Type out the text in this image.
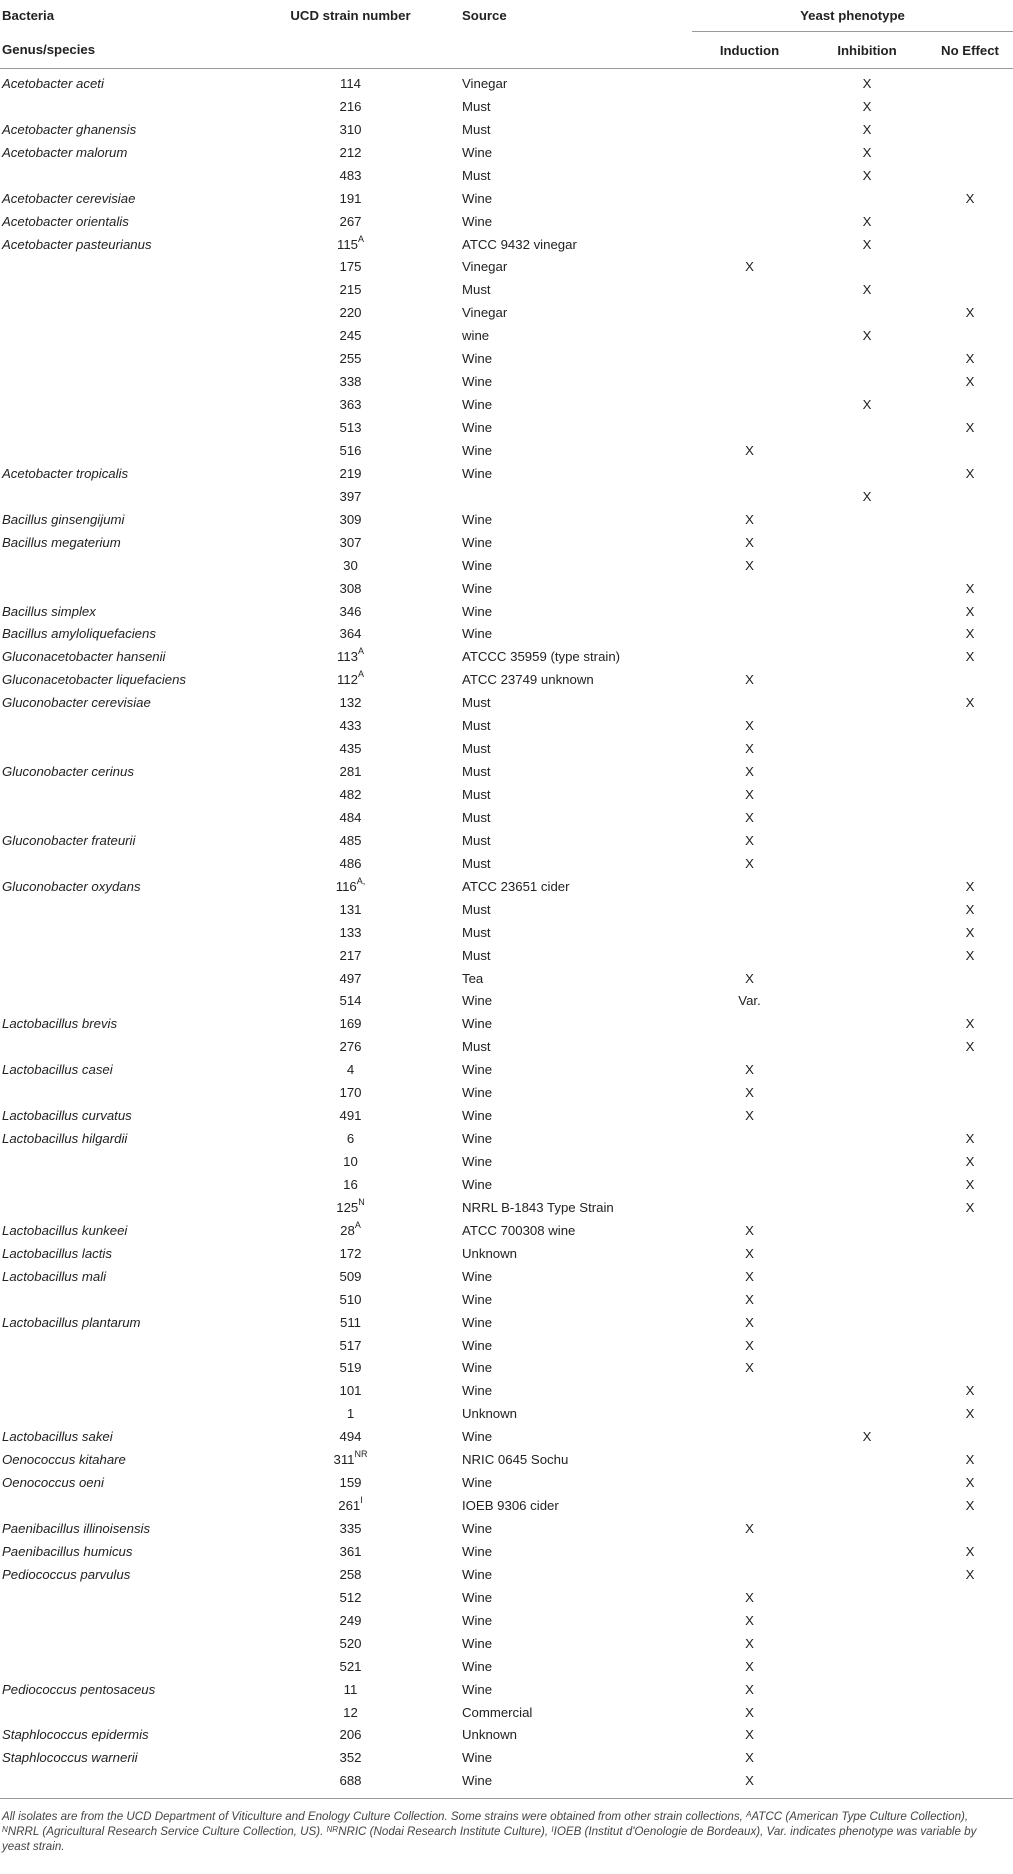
Bacteria	UCD strain number	Source	Yeast phenotype		
Genus/species			Induction	Inhibition	No Effect
Acetobacter aceti	114	Vinegar		X	
	216	Must		X	
Acetobacter ghanensis	310	Must		X	
Acetobacter malorum	212	Wine		X	
	483	Must		X	
Acetobacter cerevisiae	191	Wine			X
Acetobacter orientalis	267	Wine		X	
Acetobacter pasteurianus	$115^A$	ATCC 9432 vinegar		X	
	175	Vinegar	X		
	215	Must		X	
	220	Vinegar			X
	245	wine		X	
	255	Wine			X
	338	Wine			X
	363	Wine		X	
	513	Wine			X
	516	Wine	X		
Acetobacter tropicalis	219	Wine			X
	397			X	
Bacillus ginsengijumi	309	Wine	X		
Bacillus megaterium	307	Wine	X		
	30	Wine	X		
	308	Wine			X
Bacillus simplex	346	Wine			X
Bacillus amyloliquefaciens	364	Wine			X
Gluconacetobacter hansenii	$113^A$	ATCCC 35959 (type strain)			X
Gluconacetobacter liquefaciens	$112^A$	ATCC 23749 unknown	X		
Gluconobacter cerevisiae	132	Must			X
	433	Must	X		
	435	Must	X		
Gluconobacter cerinus	281	Must	X		
	482	Must	X		
	484	Must	X		
Gluconobacter frateurii	485	Must	X		
	486	Must	X		
Gluconobacter oxydans	$116^{A,}$	ATCC 23651 cider			X
	131	Must			X
	133	Must			X
	217	Must			X
	497	Tea	X		
	514	Wine	Var.		
Lactobacillus brevis	169	Wine			X
	276	Must			X
Lactobacillus casei	4	Wine	X		
	170	Wine	X		
Lactobacillus curvatus	491	Wine	X		
Lactobacillus hilgardii	6	Wine			X
	10	Wine			X
	16	Wine			X
	$125^N$	NRRL B-1843 Type Strain			X
Lactobacillus kunkeei	$28^A$	ATCC 700308 wine	X		
Lactobacillus lactis	172	Unknown	X		
Lactobacillus mali	509	Wine	X		
	510	Wine	X		
Lactobacillus plantarum	511	Wine	X		
	517	Wine	X		
	519	Wine	X		
	101	Wine			X
	1	Unknown			X
Lactobacillus sakei	494	Wine		X	
Oenococcus kitahare	$311^{NR}$	NRIC 0645 Sochu			X
Oenococcus oeni	159	Wine			X
	$261^I$	IOEB 9306 cider			X
Paenibacillus illinoisensis	335	Wine	X		
Paenibacillus humicus	361	Wine			X
Pediococcus parvulus	258	Wine			X
	512	Wine	X		
	249	Wine	X		
	520	Wine	X		
	521	Wine	X		
Pediococcus pentosaceus	11	Wine	X		
	12	Commercial	X		
Staphlococcus epidermis	206	Unknown	X		
Staphlococcus warnerii	352	Wine	X		
	688	Wine	X		
All isolates are from the UCD Department of Viticulture and Enology Culture Collection. Some strains were obtained from other strain collections, $^A$ATCC (American Type Culture Collection), $^N$NRRL (Agricultural Research Service Culture Collection, US). $^{NR}$NRIC (Nodai Research Institute Culture), $^I$IOEB (Institut d'Oenologie de Bordeaux), Var. indicates phenotype was variable by yeast strain.
